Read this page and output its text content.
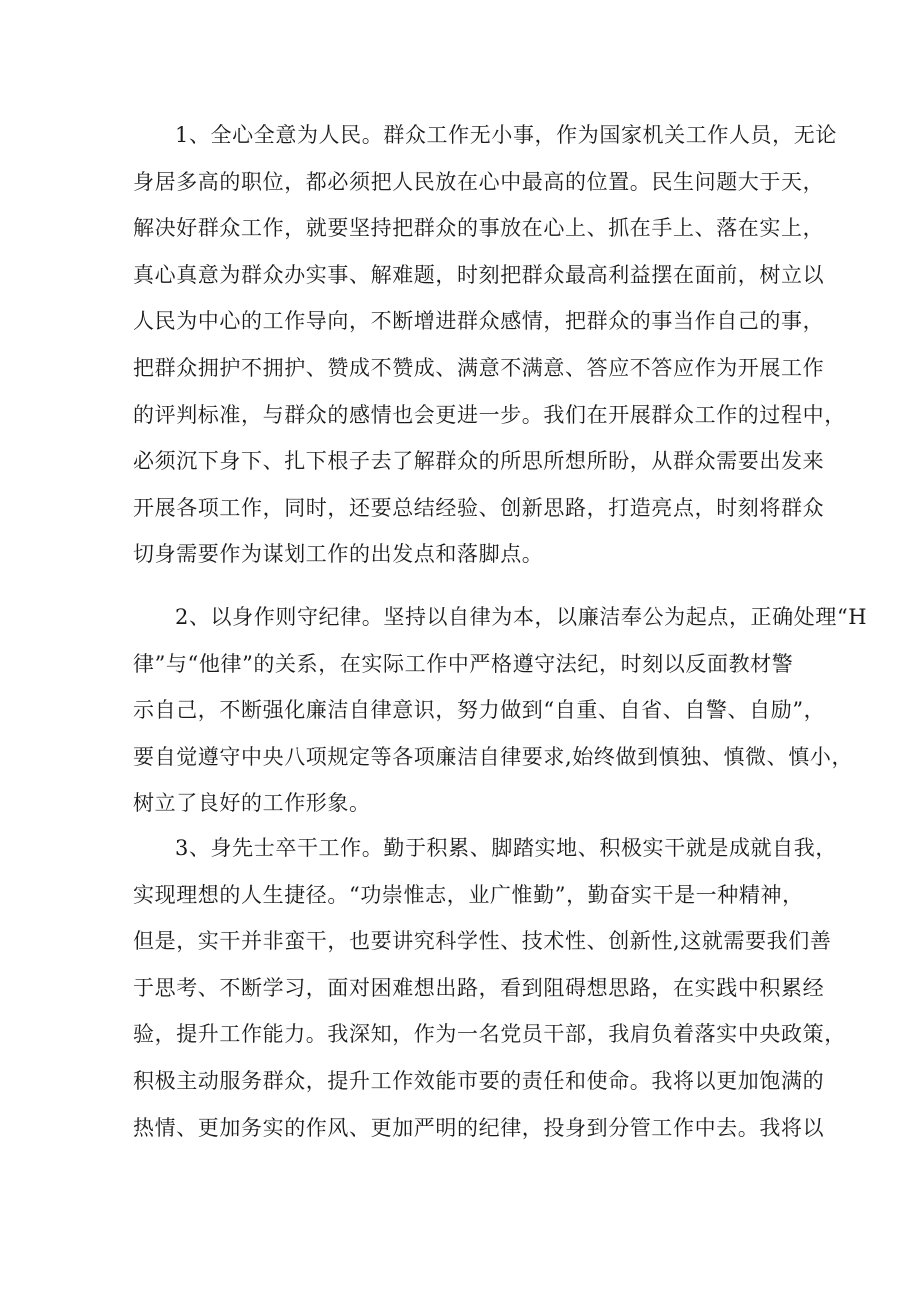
1、全心全意为人民。群众工作无小事，作为国家机关工作人员，无论
身居多高的职位，都必须把人民放在心中最高的位置。民生问题大于天，
解决好群众工作，就要坚持把群众的事放在心上、抓在手上、落在实上，
真心真意为群众办实事、解难题，时刻把群众最高利益摆在面前，树立以
人民为中心的工作导向，不断增进群众感情，把群众的事当作自己的事，
把群众拥护不拥护、赞成不赞成、满意不满意、答应不答应作为开展工作
的评判标准，与群众的感情也会更进一步。我们在开展群众工作的过程中，
必须沉下身下、扎下根子去了解群众的所思所想所盼，从群众需要出发来
开展各项工作，同时，还要总结经验、创新思路，打造亮点，时刻将群众
切身需要作为谋划工作的出发点和落脚点。
2、以身作则守纪律。坚持以自律为本，以廉洁奉公为起点，正确处理“H
律”与“他律”的关系，在实际工作中严格遵守法纪，时刻以反面教材警
示自己，不断强化廉洁自律意识，努力做到“自重、自省、自警、自励”，
要自觉遵守中央八项规定等各项廉洁自律要求,始终做到慎独、慎微、慎小，
树立了良好的工作形象。
3、身先士卒干工作。勤于积累、脚踏实地、积极实干就是成就自我，
实现理想的人生捷径。“功崇惟志，业广惟勤”，勤奋实干是一种精神，
但是，实干并非蛮干，也要讲究科学性、技术性、创新性,这就需要我们善
于思考、不断学习，面对困难想出路，看到阻碍想思路，在实践中积累经
验，提升工作能力。我深知，作为一名党员干部，我肩负着落实中央政策，
积极主动服务群众，提升工作效能市要的责任和使命。我将以更加饱满的
热情、更加务实的作风、更加严明的纪律，投身到分管工作中去。我将以
